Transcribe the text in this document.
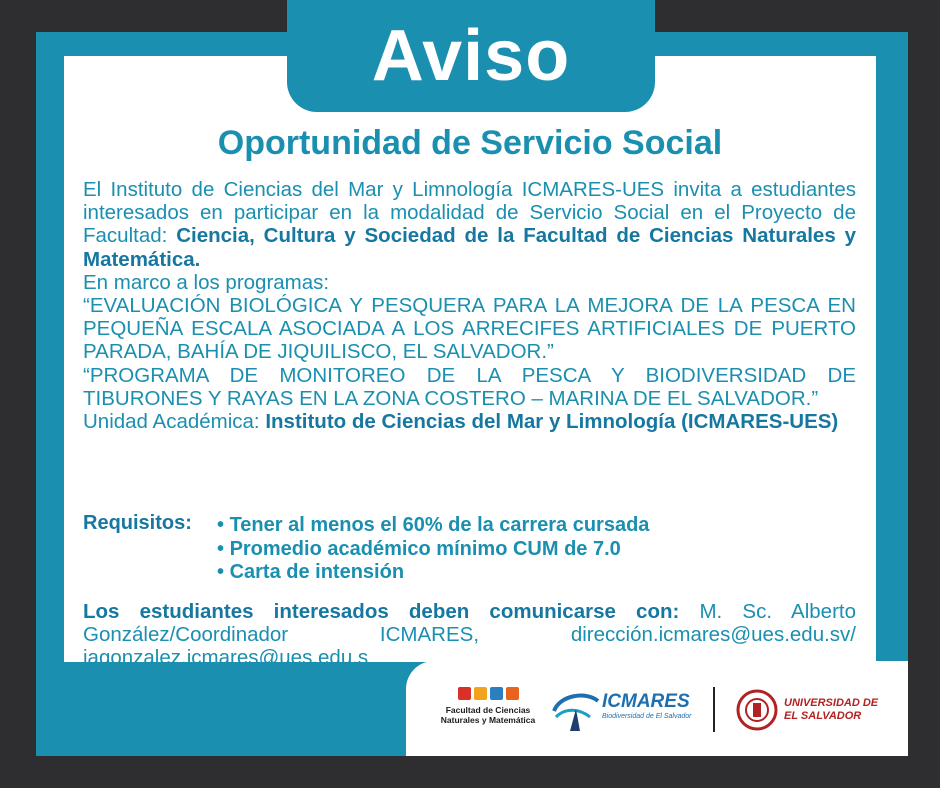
Aviso
Oportunidad de Servicio Social

El Instituto de Ciencias del Mar y Limnología ICMARES-UES invita a estudiantes interesados en participar en la modalidad de Servicio Social en el Proyecto de Facultad: Ciencia, Cultura y Sociedad de la Facultad de Ciencias Naturales y Matemática.

En marco a los programas:

“EVALUACIÓN BIOLÓGICA Y PESQUERA PARA LA MEJORA DE LA PESCA EN PEQUEÑA ESCALA ASOCIADA A LOS ARRECIFES ARTIFICIALES DE PUERTO PARADA, BAHÍA DE JIQUILISCO, EL SALVADOR.”

“PROGRAMA DE MONITOREO DE LA PESCA Y BIODIVERSIDAD DE TIBURONES Y RAYAS EN LA ZONA COSTERO – MARINA DE EL SALVADOR.”

Unidad Académica: Instituto de Ciencias del Mar y Limnología (ICMARES-UES)

Requisitos:
•	Tener al menos el 60% de la carrera cursada
• Promedio académico mínimo CUM de 7.0
• Carta de intensión
Los estudiantes interesados deben comunicarse con: M. Sc. Alberto González/Coordinador ICMARES, dirección.icmares@ues.edu.sv/ jagonzalez.icmares@ues.edu.s
Facultad de Ciencias Naturales y Matemática
ICMARES
Biodiversidad de El Salvador
UNIVERSIDAD DE EL SALVADOR
